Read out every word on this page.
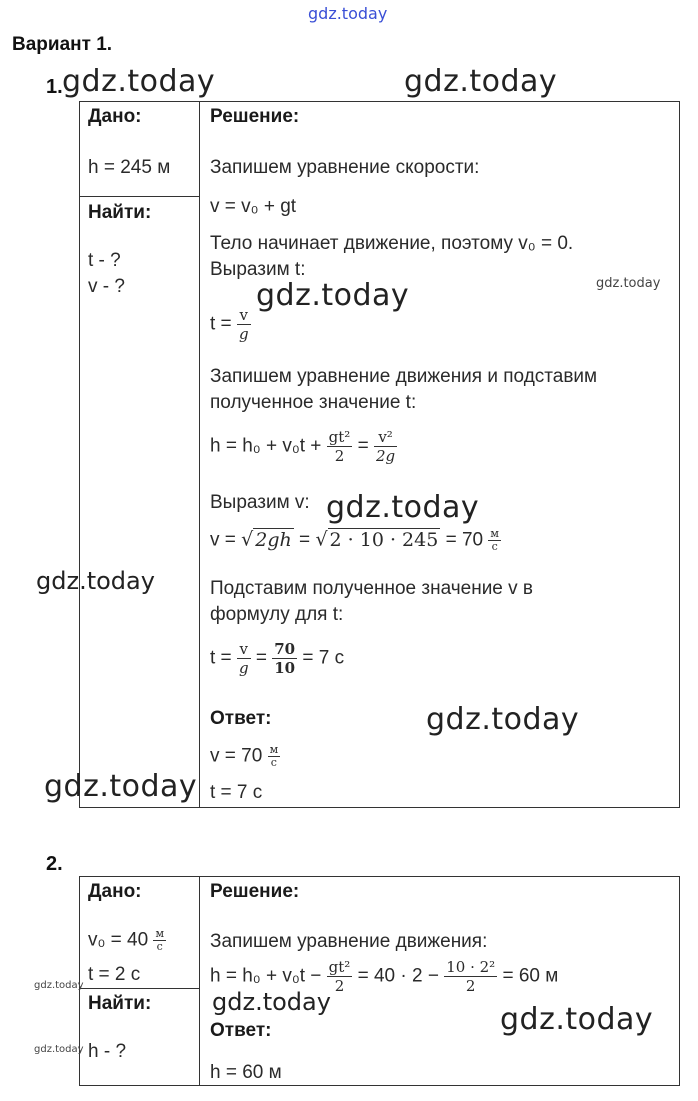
gdz.today
Вариант 1.
1.
Дано:
h = 245 м
Найти:
t - ?
v - ?
Решение:
Запишем уравнение скорости:
v = v₀ + gt
Тело начинает движение, поэтому v₀ = 0.
Выразим t:
$t = \frac{v}{g}$
Запишем уравнение движения и подставим
полученное значение t:
$h = h_0 + v_0t + \frac{\text{gt²}}{2} = \frac{\text{v²}}{2g}$
Выразим v:
v = √ 2gh = √ $2 \cdot 10 \cdot 245 = 70 \frac{м}{с}$
Подставим полученное значение v в
формулу для t:
$t = \frac{v}{g} = \frac{70}{10} = 7$ с
Ответ:
$v = 70 \frac{м}{с}$
t = 7 с
2.
Дано:
$v_0 = 40 \frac{м}{с}$
t = 2 с
Найти:
h - ?
Решение:
Запишем уравнение движения:
$h = h_0 + v_0t - \frac{\text{gt²}}{2} = 40 \cdot 2 - \frac{\text{10 · 2²}}{2} = 60$ м
Ответ:
h = 60 м
gdz.today	gdz.today
gdz.today
gdz.today
gdz.today
gdz.today
gdz.today
gdz.today
gdz.today
gdz.today	gdz.today
gdz.today
